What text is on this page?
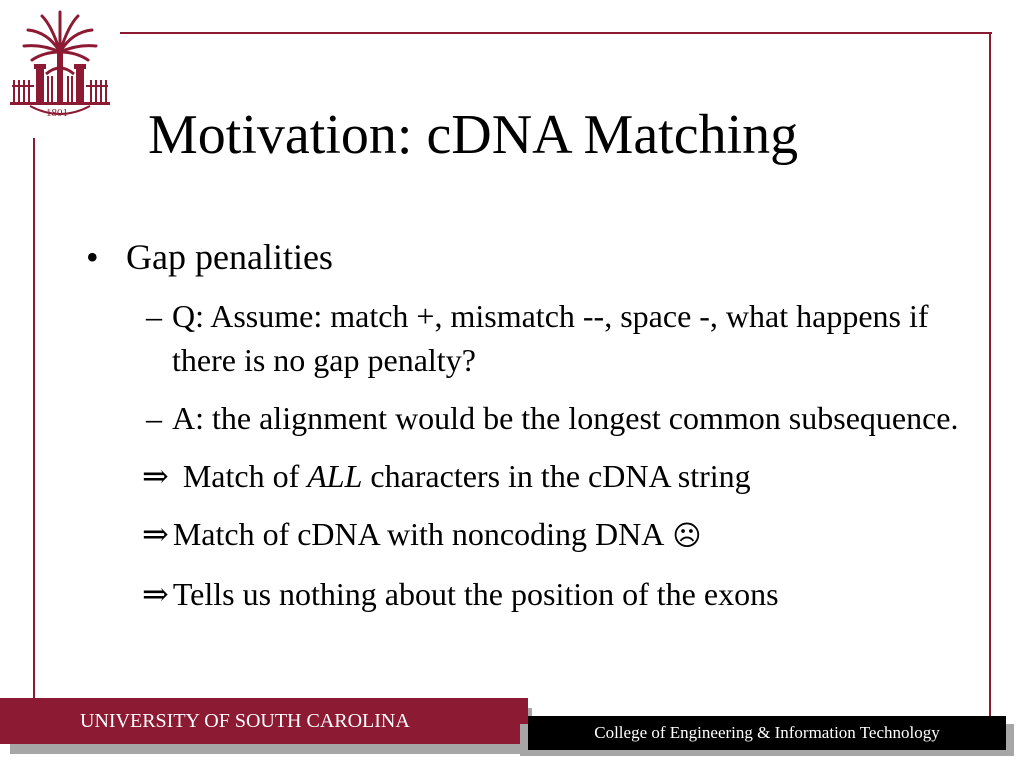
1801 Motivation: cDNA Matching
• Gap penalities
– Q: Assume: match +, mismatch --, space -, what happens if there is no gap penalty?
– A: the alignment would be the longest common subsequence.
⇒ Match of ALL characters in the cDNA string
⇒ Match of cDNA with noncoding DNA ☹
⇒ Tells us nothing about the position of the exons
UNIVERSITY OF SOUTH CAROLINA
College of Engineering & Information Technology
